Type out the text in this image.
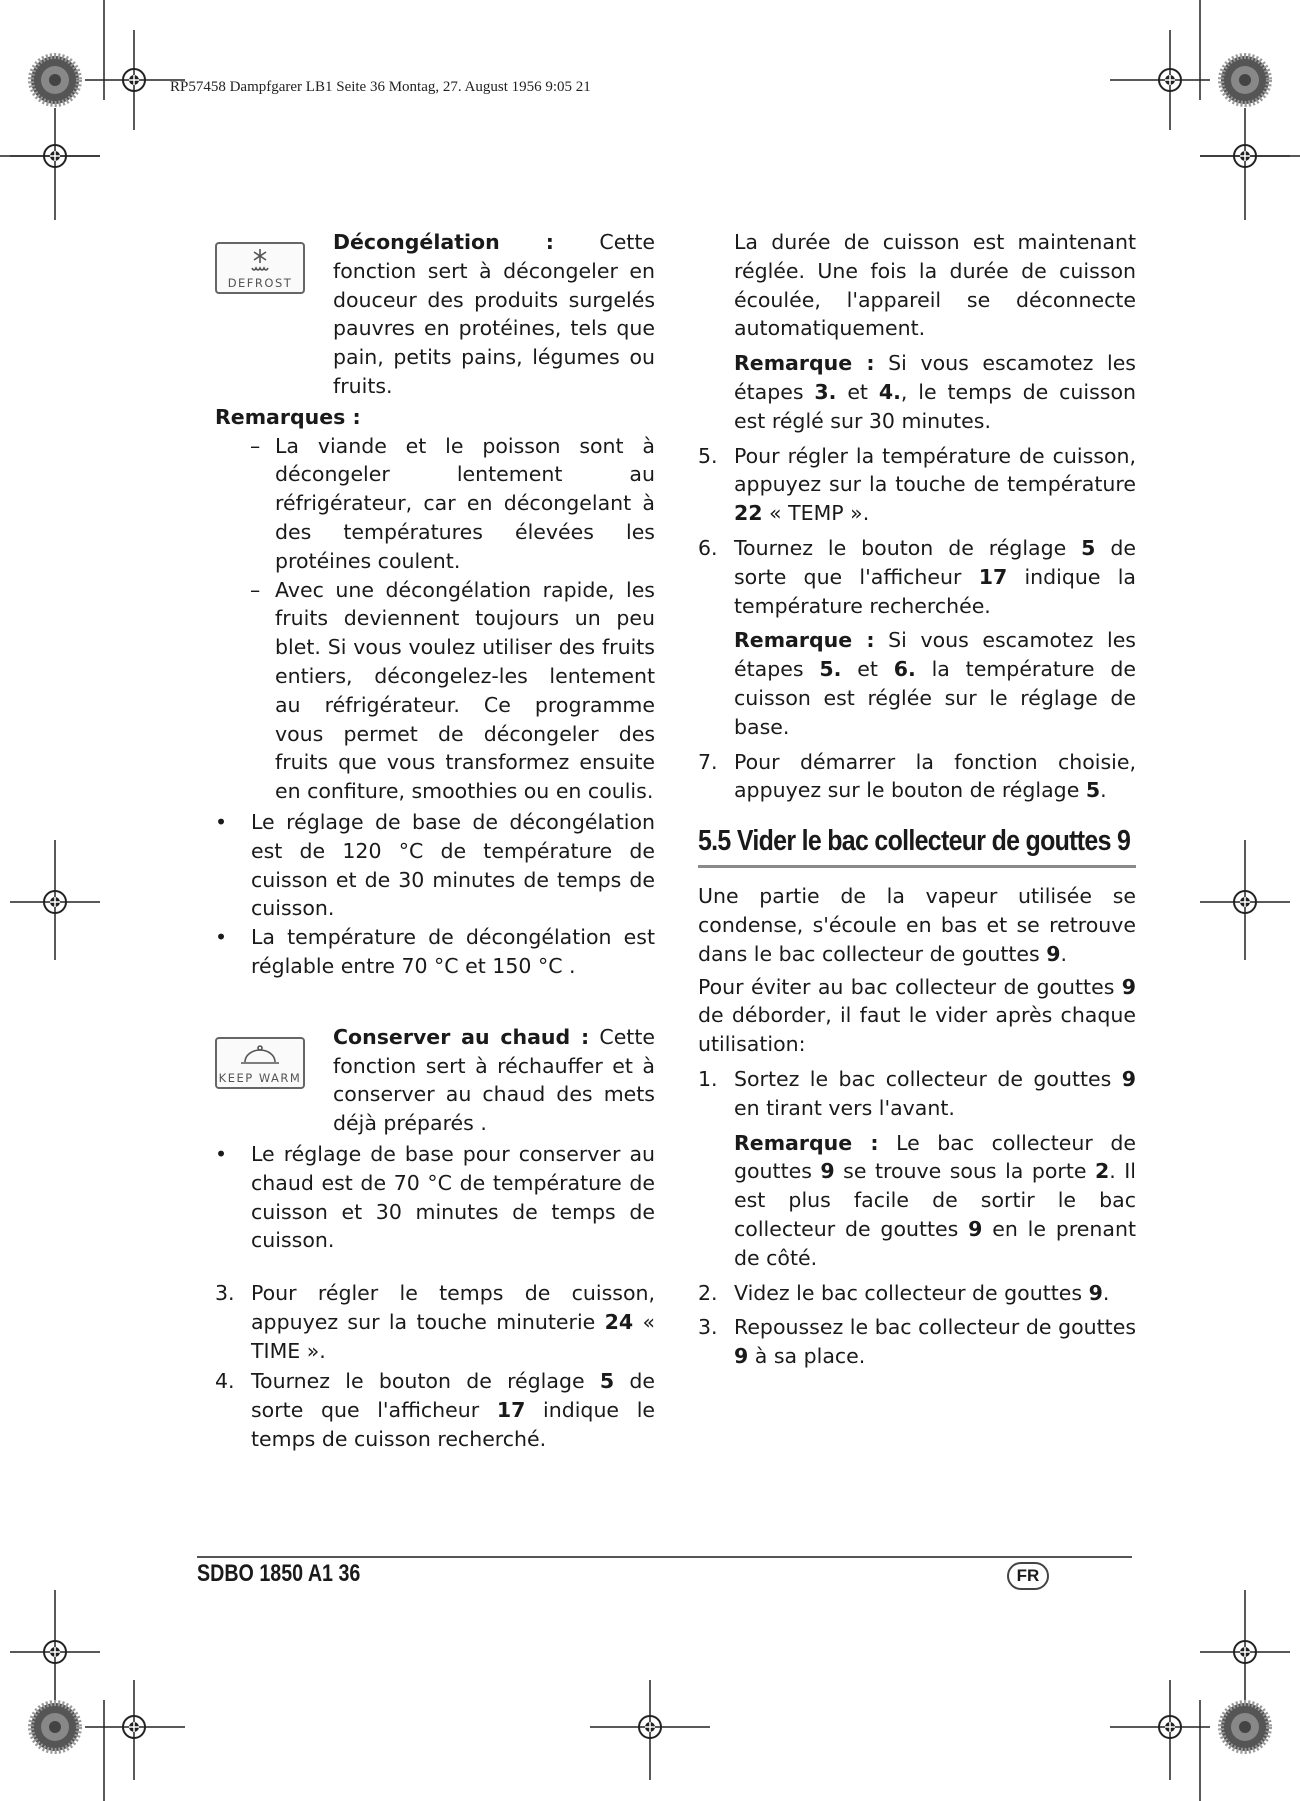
RP57458 Dampfgarer LB1 Seite 36 Montag, 27. August 1956 9:05 21
DEFROST

Décongélation : Cette fonction sert à décongeler en douceur des produits surgelés pauvres en protéines, tels que pain, petits pains, légumes ou fruits.

Remarques :

– La viande et le poisson sont à décongeler lentement au réfrigérateur, car en décongelant à des températures élevées les protéines coulent.

– Avec une décongélation rapide, les fruits deviennent toujours un peu blet. Si vous voulez utiliser des fruits entiers, décongelez-les lentement au réfrigérateur. Ce programme vous permet de décongeler des fruits que vous transformez ensuite en confiture, smoothies ou en coulis.

• Le réglage de base de décongélation est de 120 °C de température de cuisson et de 30 minutes de temps de cuisson.

• La température de décongélation est réglable entre 70 °C et 150 °C .

KEEP WARM

Conserver au chaud : Cette fonction sert à réchauffer et à conserver au chaud des mets déjà préparés .

• Le réglage de base pour conserver au chaud est de 70 °C de température de cuisson et 30 minutes de temps de cuisson.

3. Pour régler le temps de cuisson, appuyez sur la touche minuterie 24 « TIME ».

4. Tournez le bouton de réglage 5 de sorte que l'afficheur 17 indique le temps de cuisson recherché.

La durée de cuisson est maintenant réglée. Une fois la durée de cuisson écoulée, l'appareil se déconnecte automatiquement.

Remarque : Si vous escamotez les étapes 3. et 4., le temps de cuisson est réglé sur 30 minutes.

5. Pour régler la température de cuisson, appuyez sur la touche de température 22 « TEMP ».

6. Tournez le bouton de réglage 5 de sorte que l'afficheur 17 indique la température recherchée.

Remarque : Si vous escamotez les étapes 5. et 6. la température de cuisson est réglée sur le réglage de base.

7. Pour démarrer la fonction choisie, appuyez sur le bouton de réglage 5.

5.5 Vider le bac collecteur de gouttes 9

Une partie de la vapeur utilisée se condense, s'écoule en bas et se retrouve dans le bac collecteur de gouttes 9.

Pour éviter au bac collecteur de gouttes 9 de déborder, il faut le vider après chaque utilisation:

1. Sortez le bac collecteur de gouttes 9 en tirant vers l'avant.

Remarque : Le bac collecteur de gouttes 9 se trouve sous la porte 2. Il est plus facile de sortir le bac collecteur de gouttes 9 en le prenant de côté.

2. Videz le bac collecteur de gouttes 9.

3. Repoussez le bac collecteur de gouttes 9 à sa place.

SDBO 1850 A1 36	FR
